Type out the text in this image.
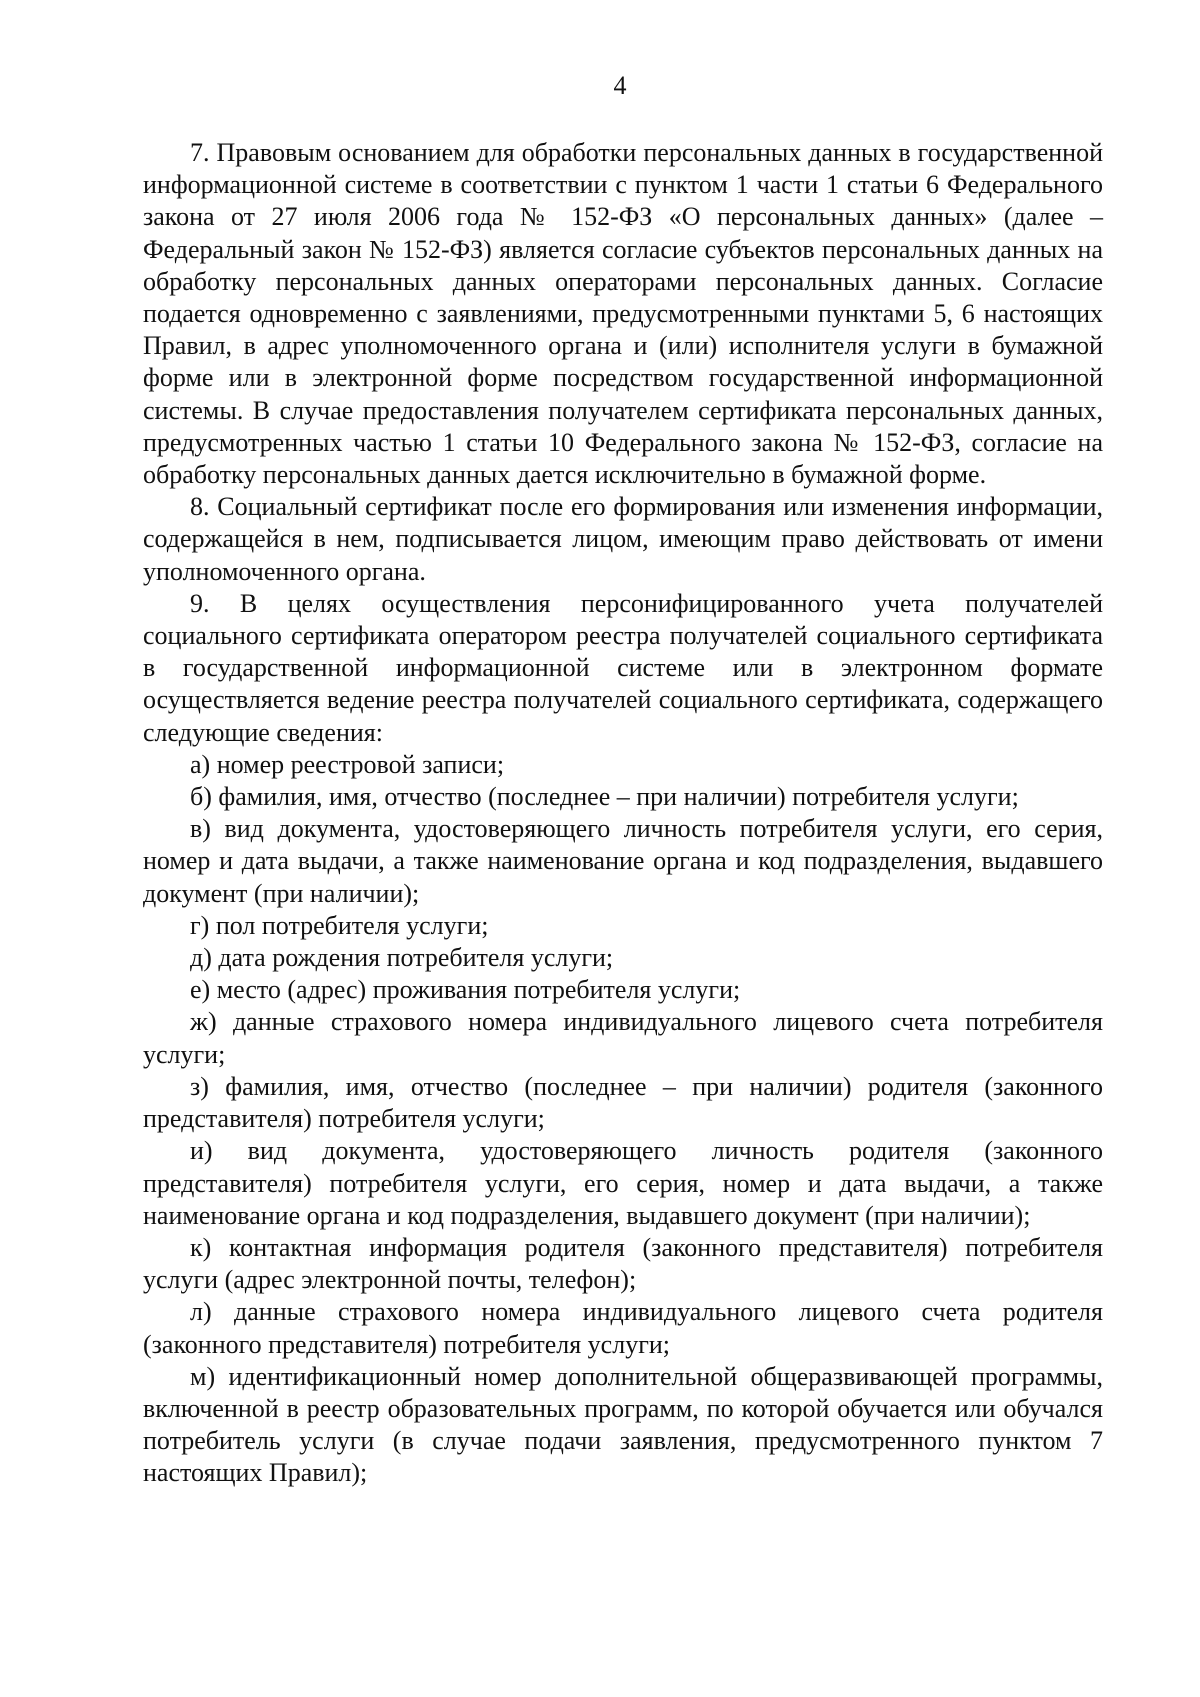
4

7. Правовым основанием для обработки персональных данных в государственной информационной системе в соответствии с пунктом 1 части 1 статьи 6 Федерального закона от 27 июля 2006 года № 152-ФЗ «О персональных данных» (далее – Федеральный закон № 152-ФЗ) является согласие субъектов персональных данных на обработку персональных данных операторами персональных данных. Согласие подается одновременно с заявлениями, предусмотренными пунктами 5, 6 настоящих Правил, в адрес уполномоченного органа и (или) исполнителя услуги в бумажной форме или в электронной форме посредством государственной информационной системы. В случае предоставления получателем сертификата персональных данных, предусмотренных частью 1 статьи 10 Федерального закона № 152-ФЗ, согласие на обработку персональных данных дается исключительно в бумажной форме.

8. Социальный сертификат после его формирования или изменения информации, содержащейся в нем, подписывается лицом, имеющим право действовать от имени уполномоченного органа.

9. В целях осуществления персонифицированного учета получателей социального сертификата оператором реестра получателей социального сертификата в государственной информационной системе или в электронном формате осуществляется ведение реестра получателей социального сертификата, содержащего следующие сведения:

а) номер реестровой записи;

б) фамилия, имя, отчество (последнее – при наличии) потребителя услуги;

в) вид документа, удостоверяющего личность потребителя услуги, его серия, номер и дата выдачи, а также наименование органа и код подразделения, выдавшего документ (при наличии);

г) пол потребителя услуги;

д) дата рождения потребителя услуги;

е) место (адрес) проживания потребителя услуги;

ж) данные страхового номера индивидуального лицевого счета потребителя услуги;

з) фамилия, имя, отчество (последнее – при наличии) родителя (законного представителя) потребителя услуги;

и) вид документа, удостоверяющего личность родителя (законного представителя) потребителя услуги, его серия, номер и дата выдачи, а также наименование органа и код подразделения, выдавшего документ (при наличии);

к) контактная информация родителя (законного представителя) потребителя услуги (адрес электронной почты, телефон);

л) данные страхового номера индивидуального лицевого счета родителя (законного представителя) потребителя услуги;

м) идентификационный номер дополнительной общеразвивающей программы, включенной в реестр образовательных программ, по которой обучается или обучался потребитель услуги (в случае подачи заявления, предусмотренного пунктом 7 настоящих Правил);
